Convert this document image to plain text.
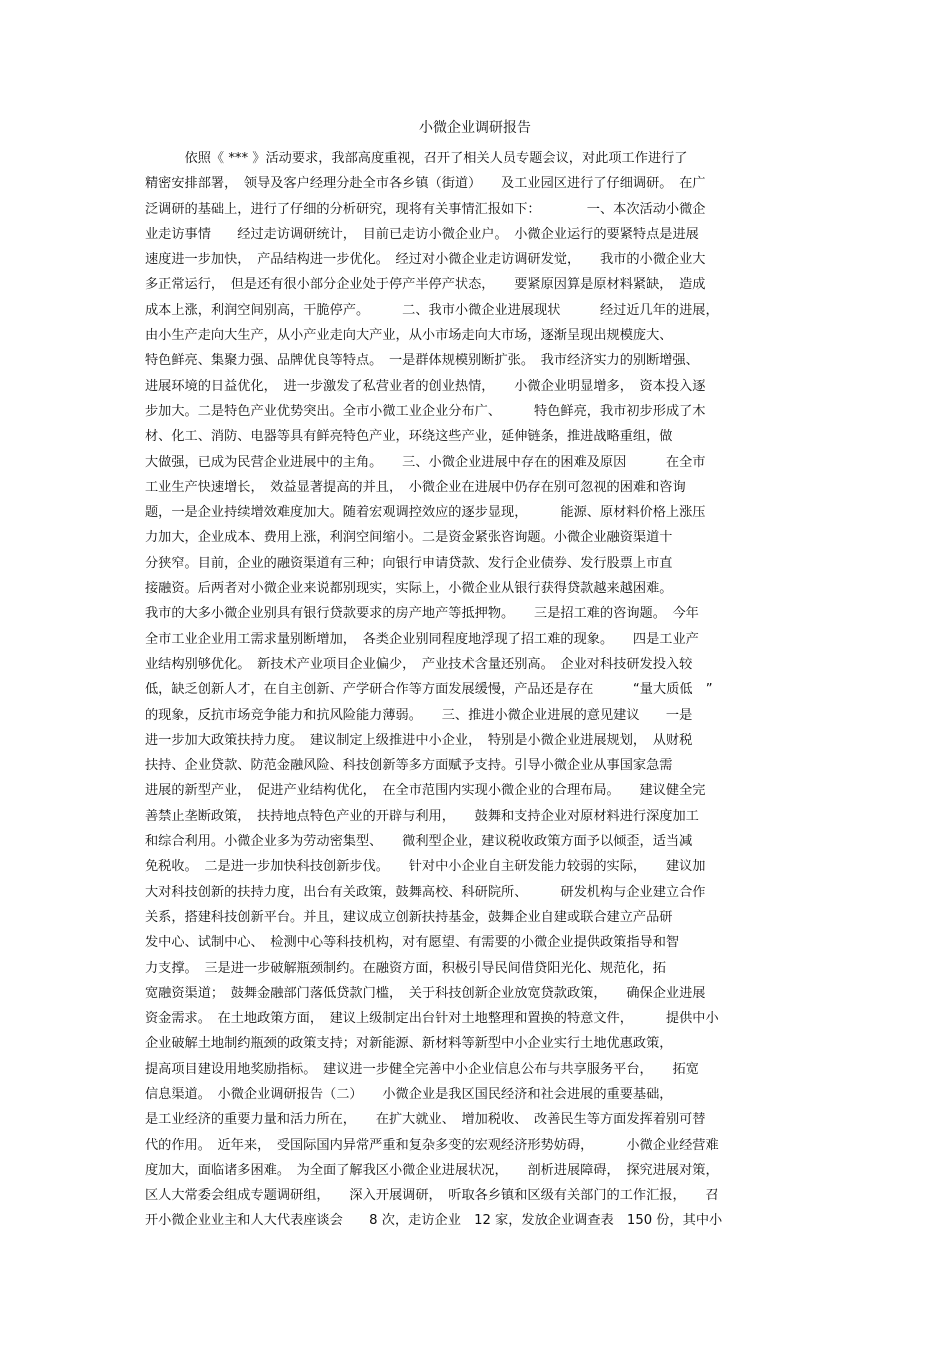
小微企业调研报告
　　　依照《 *** 》活动要求，我部高度重视，召开了相关人员专题会议，对此项工作进行了
精密安排部署，　领导及客户经理分赴全市各乡镇（街道）　　及工业园区进行了仔细调研。　在广
泛调研的基础上，进行了仔细的分析研究，现将有关事情汇报如下：　　　　一、本次活动小微企
业走访事情　　经过走访调研统计，　目前已走访小微企业户。　小微企业运行的要紧特点是进展
速度进一步加快，　产品结构进一步优化。　经过对小微企业走访调研发觉，　　我市的小微企业大
多正常运行，　但是还有很小部分企业处于停产半停产状态，　　要紧原因算是原材料紧缺，　造成
成本上涨，利润空间别高，干脆停产。　　　二、我市小微企业进展现状　　　经过近几年的进展，
由小生产走向大生产，从小产业走向大产业，从小市场走向大市场，逐渐呈现出规模庞大、
特色鲜亮、集聚力强、品牌优良等特点。　一是群体规模别断扩张。　我市经济实力的别断增强、
进展环境的日益优化，　进一步激发了私营业者的创业热情，　　小微企业明显增多，　资本投入逐
步加大。二是特色产业优势突出。全市小微工业企业分布广、　　　特色鲜亮，我市初步形成了木
材、化工、消防、电器等具有鲜亮特色产业，环绕这些产业，延伸链条，推进战略重组，做
大做强，已成为民营企业进展中的主角。　　三、小微企业进展中存在的困难及原因　　　在全市
工业生产快速增长，　效益显著提高的并且，　小微企业在进展中仍存在别可忽视的困难和咨询
题，一是企业持续增效难度加大。随着宏观调控效应的逐步显现，　　　能源、原材料价格上涨压
力加大，企业成本、费用上涨，利润空间缩小。二是资金紧张咨询题。小微企业融资渠道十
分狭窄。目前，企业的融资渠道有三种；向银行申请贷款、发行企业债券、发行股票上市直
接融资。后两者对小微企业来说都别现实，实际上，小微企业从银行获得贷款越来越困难。
我市的大多小微企业别具有银行贷款要求的房产地产等抵押物。　　三是招工难的咨询题。　今年
全市工业企业用工需求量别断增加，　各类企业别同程度地浮现了招工难的现象。　　四是工业产
业结构别够优化。　新技术产业项目企业偏少，　产业技术含量还别高。　企业对科技研发投入较
低，缺乏创新人才，在自主创新、产学研合作等方面发展缓慢，产品还是存在　　　“量大质低　”
的现象，反抗市场竞争能力和抗风险能力薄弱。　　三、推进小微企业进展的意见建议　　一是
进一步加大政策扶持力度。　建议制定上级推进中小企业，　特别是小微企业进展规划，　从财税
扶持、企业贷款、防范金融风险、科技创新等多方面赋予支持。引导小微企业从事国家急需
进展的新型产业，　促进产业结构优化，　在全市范围内实现小微企业的合理布局。　　建议健全完
善禁止垄断政策，　扶持地点特色产业的开辟与利用，　　鼓舞和支持企业对原材料进行深度加工
和综合利用。小微企业多为劳动密集型、　　微利型企业，建议税收政策方面予以倾歪，适当减
免税收。　二是进一步加快科技创新步伐。　　针对中小企业自主研发能力较弱的实际，　　建议加
大对科技创新的扶持力度，出台有关政策，鼓舞高校、科研院所、　　　研发机构与企业建立合作
关系，搭建科技创新平台。并且，建议成立创新扶持基金，鼓舞企业自建或联合建立产品研
发中心、试制中心、　检测中心等科技机构，对有愿望、有需要的小微企业提供政策指导和智
力支撑。　三是进一步破解瓶颈制约。在融资方面，积极引导民间借贷阳光化、规范化，拓
宽融资渠道；　鼓舞金融部门落低贷款门槛，　关于科技创新企业放宽贷款政策，　　确保企业进展
资金需求。　在土地政策方面，　建议上级制定出台针对土地整理和置换的特意文件，　　　提供中小
企业破解土地制约瓶颈的政策支持；对新能源、新材料等新型中小企业实行土地优惠政策，
提高项目建设用地奖励指标。　建议进一步健全完善中小企业信息公布与共享服务平台，　　拓宽
信息渠道。　小微企业调研报告（二）　　小微企业是我区国民经济和社会进展的重要基础，
是工业经济的重要力量和活力所在，　　在扩大就业、　增加税收、　改善民生等方面发挥着别可替
代的作用。　近年来，　受国际国内异常严重和复杂多变的宏观经济形势妨碍，　　　小微企业经营难
度加大，面临诸多困难。　为全面了解我区小微企业进展状况，　　剖析进展障碍，　探究进展对策，
区人大常委会组成专题调研组，　　深入开展调研，　听取各乡镇和区级有关部门的工作汇报，　　召
开小微企业业主和人大代表座谈会　　8 次，走访企业　12 家，发放企业调查表　150 份，其中小
